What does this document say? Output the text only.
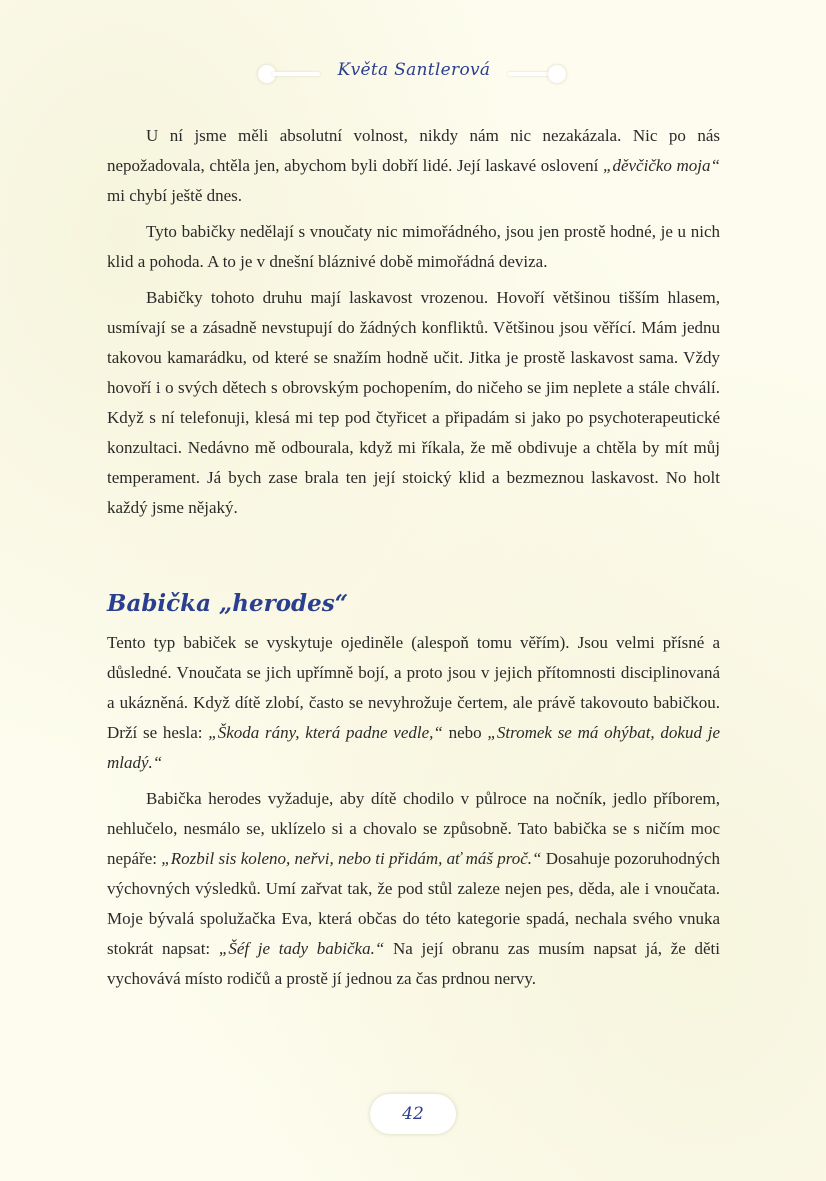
Květa Santlerová

U ní jsme měli absolutní volnost, nikdy nám nic nezakázala. Nic po nás nepožadovala, chtěla jen, abychom byli dobří lidé. Její laskavé oslovení „děvčičko moja“ mi chybí ještě dnes.

Tyto babičky nedělají s vnoučaty nic mimořádného, jsou jen prostě hodné, je u nich klid a pohoda. A to je v dnešní bláznivé době mimořádná deviza.

Babičky tohoto druhu mají laskavost vrozenou. Hovoří většinou tišším hlasem, usmívají se a zásadně nevstupují do žádných konfliktů. Většinou jsou věřící. Mám jednu takovou kamarádku, od které se snažím hodně učit. Jitka je prostě laskavost sama. Vždy hovoří i o svých dětech s obrovským pochopením, do ničeho se jim neplete a stále chválí. Když s ní telefonuji, klesá mi tep pod čtyřicet a připadám si jako po psychoterapeutické konzultaci. Nedávno mě odbourala, když mi říkala, že mě obdivuje a chtěla by mít můj temperament. Já bych zase brala ten její stoický klid a bezmeznou laskavost. No holt každý jsme nějaký.

Babička „herodes“

Tento typ babiček se vyskytuje ojediněle (alespoň tomu věřím). Jsou velmi přísné a důsledné. Vnoučata se jich upřímně bojí, a proto jsou v jejich přítomnosti disciplinovaná a ukázněná. Když dítě zlobí, často se nevyhrožuje čertem, ale právě takovouto babičkou. Drží se hesla: „Škoda rány, která padne vedle,“ nebo „Stromek se má ohýbat, dokud je mladý.“

Babička herodes vyžaduje, aby dítě chodilo v půlroce na nočník, jedlo příborem, nehlučelo, nesmálo se, uklízelo si a chovalo se způsobně. Tato babička se s ničím moc nepáře: „Rozbil sis koleno, neřvi, nebo ti přidám, ať máš proč.“ Dosahuje pozoruhodných výchovných výsledků. Umí zařvat tak, že pod stůl zaleze nejen pes, děda, ale i vnoučata. Moje bývalá spolužačka Eva, která občas do této kategorie spadá, nechala svého vnuka stokrát napsat: „Šéf je tady babička.“ Na její obranu zas musím napsat já, že děti vychovává místo rodičů a prostě jí jednou za čas prdnou nervy.

42
